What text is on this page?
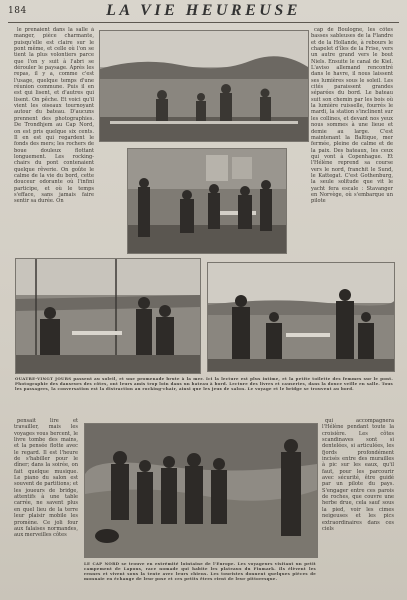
184	LA VIE HEUREUSE

le prenaient dans la salle à manger, pièce charmante, puisqu'elle est claire sur le pont même, et celle où l'on se tient la plus volontiers parce que l'on y suit à l'abri se dérouler le paysage. Après les repas, il y a, comme c'est l'usage, quelque temps d'une réunion commune. Puis il en est qui lisent, et d'autres qui lisent. On pêche. Et voici qu'il vient les oiseaux tournoyant autour du bateau. D'aucuns prennent des photographies. De Trondhjem au Cap Nord, on est pris quelque six cents. Il en est qui regardent le fonds des mers; les rochers de boue douleux flottant longuement. Les rocking-chairs du pont contenaient quelque rêverie. On goûte le calme de la vie du bord, cette douceur odorante où l'infini participe, et où le temps s'efface, sans jamais faire sentir sa durée. On

cap de Boulogne, les côtes basses sableuses de la Flandre et de la Hollande, à rebours le chapelet d'îles de la Frise, vers un autre grand vers le bout Niels. Ensuite le canal de Kiel. L'aviso allemand rencontré dans le havre, il nous laissent ses lumières sous le soleil. Les cités paraissent grandes séparées du bord. Le bateau suit son chemin par les bois où la lumière ruisselle, fourrés le mardi, la station s'inclinent sur les collines, et devant nos yeux nous sommes à une lieue et demie au large. C'est maintenant la Baltique, mer fermée, pleine de calme et de la paix. Des bateaux, les ceux qui vont à Copenhague. Et l'Hélène reprend sa course vers le nord, franchit le Sund, le Kattegat. C'est Gothenburg, la seule solitude que vit le yacht fera escale : Stavanger en Norvège, où s'embarque un pilote

OUATRE-VINGT JOURS passent au soleil, et une promenade brute à la mer. Ici la lecture est plus intime, et la petite toilette des femmes sur le pont. Photographie des danseurs des côtes, ont leurs amis trop loin dans un bateau à bord. Lecture des livres et causeries, dans la douce veille en salle. Tous les passagers, la conversation est la distraction au rocking-chair, ainsi que les jeux de salon. Le voyage et le bridge se trouvent au bord.

pensait lire et travailler, mais les voyages vous bercent, le livre tombe des mains, et la pensée flotte avec le regard. Il est l'heure de s'habiller pour le dîner; dans la soirée, on fait quelque musique. Le piano du salon est souvent de partitions; et les joueurs de bridge, attentifs à une table carrée, ne savent plus en quel lieu de la terre leur plaisir mobile les promène. Ce joli four aux falaises normandes, aux merveilles côtes

LE CAP NORD se trouve en extrémité lointaine de l'Europe. Les voyageurs visitant un petit campement de Lapons, race nomade qui habite les plateaux du Finmark. Ils élèvent les rennes et vivent sous la tente avec leurs chiens. Les touristes donnent quelques pièces de monnaie en échange de leur pose et ces petits êtres rient de leur pittoresque.

qui accompagnera l'Hélène pendant toute la croisière. Les côtes scandinaves sont si dentelées, si articulées, les fjords profondément incisés entre des murailles à pic sur les eaux, qu'il faut, pour les parcourir avec sécurité, être guidé par un pilote du pays. S'engager entre ces parois de roches, que couvre une herbe drue, cela sauf sous la pied, voir les cimes neigeuses et les pics extraordinaires dans ces ciels
